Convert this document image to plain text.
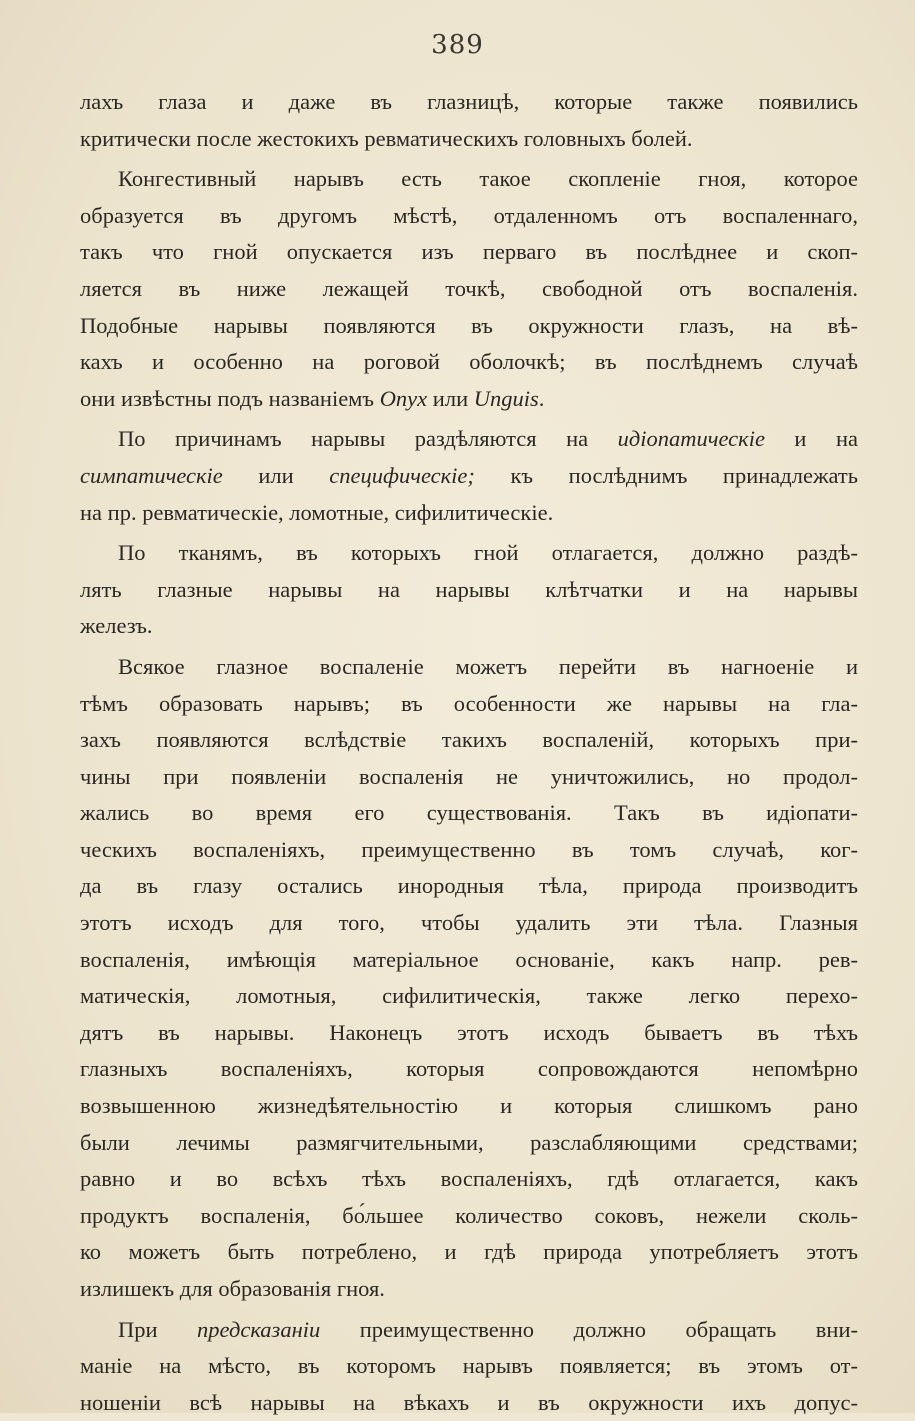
389
лахъ глаза и даже въ глазницѣ, которые также появились
критически после жестокихъ ревматическихъ головныхъ болей.
Конгестивный нарывъ есть такое скопленіе гноя, которое
образуется въ другомъ мѣстѣ, отдаленномъ отъ воспаленнаго,
такъ что гной опускается изъ перваго въ послѣднее и скоп-
ляется въ ниже лежащей точкѣ, свободной отъ воспаленія.
Подобные нарывы появляются въ окружности глазъ, на вѣ-
кахъ и особенно на роговой оболочкѣ; въ послѣднемъ случаѣ
они извѣстны подъ названіемъ Onyx или Unguis.
По причинамъ нарывы раздѣляются на идіопатическіе и на
симпатическіе или специфическіе; къ послѣднимъ принадлежать
на пр. ревматическіе, ломотные, сифилитическіе.
По тканямъ, въ которыхъ гной отлагается, должно раздѣ-
лять глазные нарывы на нарывы клѣтчатки и на нарывы
железъ.
Всякое глазное воспаленіе можетъ перейти въ нагноеніе и
тѣмъ образовать нарывъ; въ особенности же нарывы на гла-
захъ появляются вслѣдствіе такихъ воспаленій, которыхъ при-
чины при появленіи воспаленія не уничтожились, но продол-
жались во время его существованія. Такъ въ идіопати-
ческихъ воспаленіяхъ, преимущественно въ томъ случаѣ, ког-
да въ глазу остались инородныя тѣла, природа производитъ
этотъ исходъ для того, чтобы удалить эти тѣла. Глазныя
воспаленія, имѣющія матеріальное основаніе, какъ напр. рев-
матическія, ломотныя, сифилитическія, также легко перехо-
дятъ въ нарывы. Наконецъ этотъ исходъ бываетъ въ тѣхъ
глазныхъ воспаленіяхъ, которыя сопровождаются непомѣрно
возвышенною жизнедѣятельностію и которыя слишкомъ рано
были лечимы размягчительными, разслабляющими средствами;
равно и во всѣхъ тѣхъ воспаленіяхъ, гдѣ отлагается, какъ
продуктъ воспаленія, бо́льшее количество соковъ, нежели сколь-
ко можетъ быть потреблено, и гдѣ природа употребляетъ этотъ
излишекъ для образованія гноя.
При предсказаніи преимущественно должно обращать вни-
маніе на мѣсто, въ которомъ нарывъ появляется; въ этомъ от-
ношеніи всѣ нарывы на вѣкахъ и въ окружности ихъ допус-
